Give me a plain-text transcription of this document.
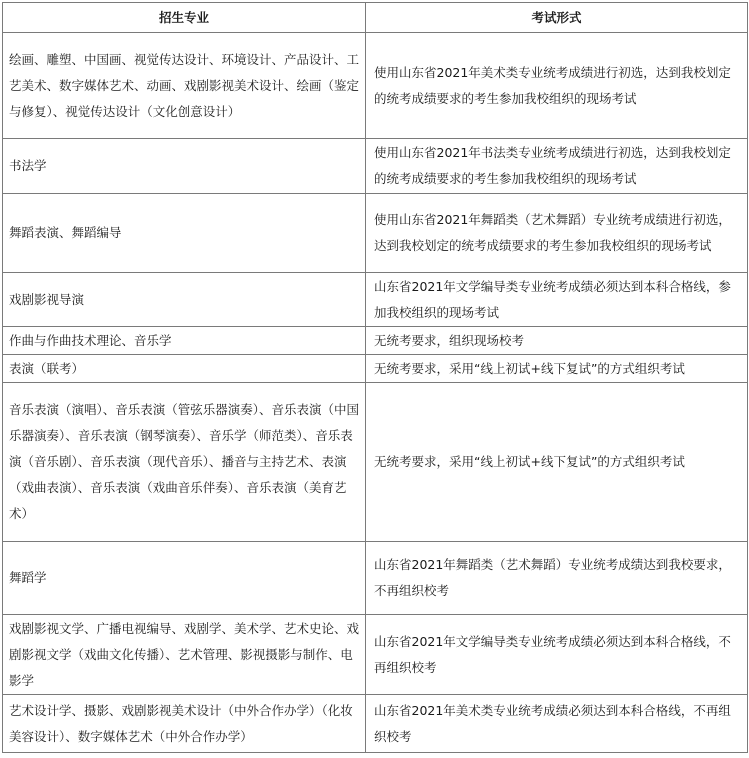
招生专业	考试形式
绘画、雕塑、中国画、视觉传达设计、环境设计、产品设计、工艺美术、数字媒体艺术、动画、戏剧影视美术设计、绘画（鉴定与修复）、视觉传达设计（文化创意设计）	使用山东省2021年美术类专业统考成绩进行初选，达到我校划定的统考成绩要求的考生参加我校组织的现场考试
书法学	使用山东省2021年书法类专业统考成绩进行初选，达到我校划定的统考成绩要求的考生参加我校组织的现场考试
舞蹈表演、舞蹈编导	使用山东省2021年舞蹈类（艺术舞蹈）专业统考成绩进行初选，达到我校划定的统考成绩要求的考生参加我校组织的现场考试
戏剧影视导演	山东省2021年文学编导类专业统考成绩必须达到本科合格线，参加我校组织的现场考试
作曲与作曲技术理论、音乐学	无统考要求，组织现场校考
表演（联考）	无统考要求，采用“线上初试+线下复试”的方式组织考试
音乐表演（演唱）、音乐表演（管弦乐器演奏）、音乐表演（中国乐器演奏）、音乐表演（钢琴演奏）、音乐学（师范类）、音乐表演（音乐剧）、音乐表演（现代音乐）、播音与主持艺术、表演（戏曲表演）、音乐表演（戏曲音乐伴奏）、音乐表演（美育艺术）	无统考要求，采用“线上初试+线下复试”的方式组织考试
舞蹈学	山东省2021年舞蹈类（艺术舞蹈）专业统考成绩达到我校要求，不再组织校考
戏剧影视文学、广播电视编导、戏剧学、美术学、艺术史论、戏剧影视文学（戏曲文化传播）、艺术管理、影视摄影与制作、电影学	山东省2021年文学编导类专业统考成绩必须达到本科合格线，不再组织校考
艺术设计学、摄影、戏剧影视美术设计（中外合作办学）（化妆美容设计）、数字媒体艺术（中外合作办学）	山东省2021年美术类专业统考成绩必须达到本科合格线，不再组织校考
